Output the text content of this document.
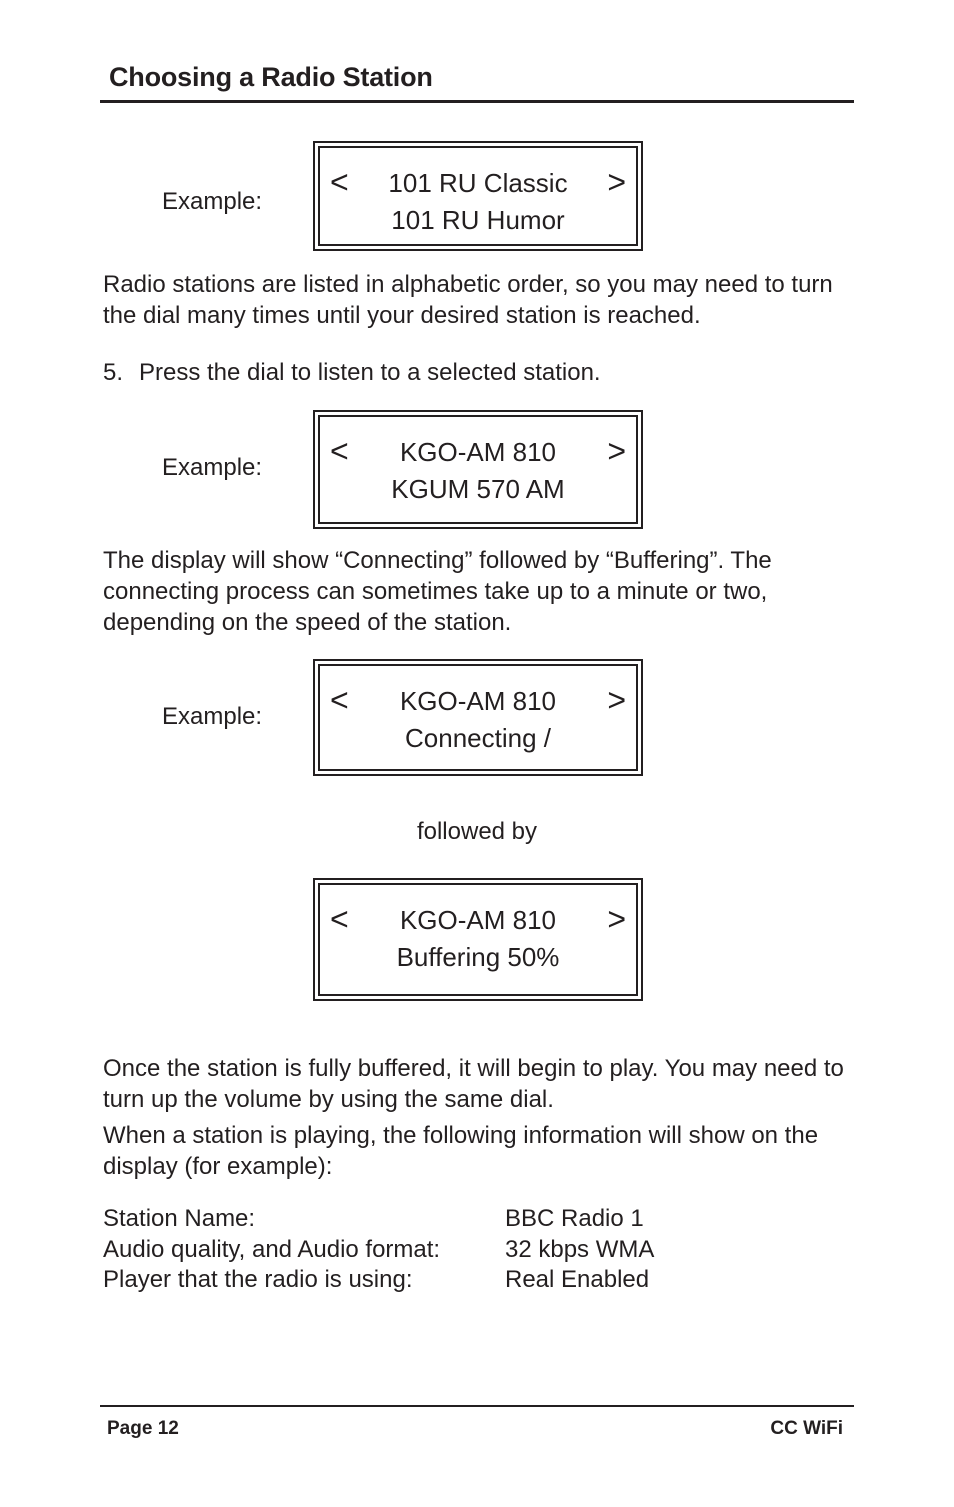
Choosing a Radio Station
Example:
<	>
101 RU Classic
101 RU Humor
Radio stations are listed in alphabetic order, so you may need to turn the dial many times until your desired station is reached.
5. Press the dial to listen to a selected station.
Example: <	>
KGO-AM 810
KGUM 570 AM
The display will show “Connecting” followed by “Buffering”. The connecting process can sometimes take up to a minute or two, depending on the speed of the station.
Example: <	>
KGO-AM 810
Connecting /
followed by
<	>
KGO-AM 810
Buffering 50%
Once the station is fully buffered, it will begin to play. You may need to turn up the volume by using the same dial.
When a station is playing, the following information will show on the display (for example):
Station Name:	BBC Radio 1
Audio quality, and Audio format:	32 kbps WMA
Player that the radio is using:	Real Enabled
Page 12	CC WiFi
